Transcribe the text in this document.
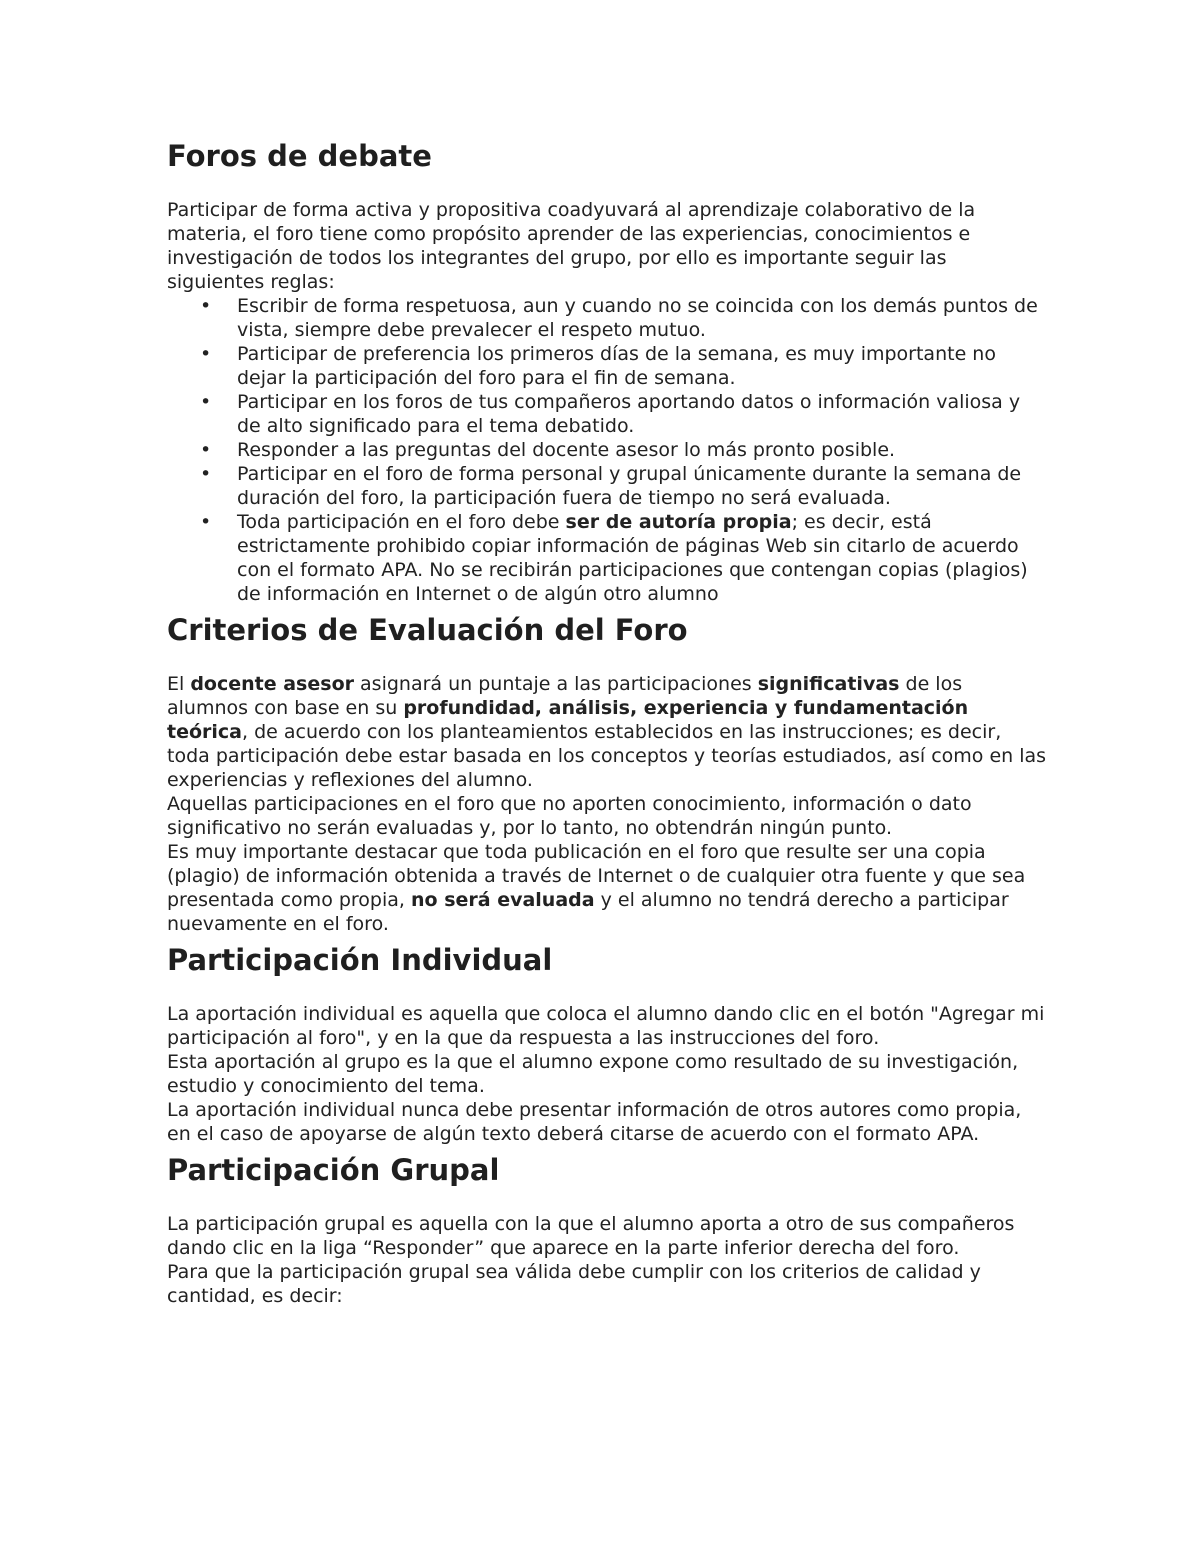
Foros de debate

Participar de forma activa y propositiva coadyuvará al aprendizaje colaborativo de la materia, el foro tiene como propósito aprender de las experiencias, conocimientos e investigación de todos los integrantes del grupo, por ello es importante seguir las siguientes reglas:

• Escribir de forma respetuosa, aun y cuando no se coincida con los demás puntos de vista, siempre debe prevalecer el respeto mutuo.
• Participar de preferencia los primeros días de la semana, es muy importante no dejar la participación del foro para el fin de semana.
• Participar en los foros de tus compañeros aportando datos o información valiosa y de alto significado para el tema debatido.
• Responder a las preguntas del docente asesor lo más pronto posible.
• Participar en el foro de forma personal y grupal únicamente durante la semana de duración del foro, la participación fuera de tiempo no será evaluada.
• Toda participación en el foro debe ser de autoría propia; es decir, está estrictamente prohibido copiar información de páginas Web sin citarlo de acuerdo con el formato APA. No se recibirán participaciones que contengan copias (plagios) de información en Internet o de algún otro alumno
Criterios de Evaluación del Foro

El docente asesor asignará un puntaje a las participaciones significativas de los alumnos con base en su profundidad, análisis, experiencia y fundamentación teórica, de acuerdo con los planteamientos establecidos en las instrucciones; es decir, toda participación debe estar basada en los conceptos y teorías estudiados, así como en las experiencias y reflexiones del alumno.

Aquellas participaciones en el foro que no aporten conocimiento, información o dato significativo no serán evaluadas y, por lo tanto, no obtendrán ningún punto.

Es muy importante destacar que toda publicación en el foro que resulte ser una copia (plagio) de información obtenida a través de Internet o de cualquier otra fuente y que sea presentada como propia, no será evaluada y el alumno no tendrá derecho a participar nuevamente en el foro.

Participación Individual

La aportación individual es aquella que coloca el alumno dando clic en el botón "Agregar mi participación al foro", y en la que da respuesta a las instrucciones del foro.

Esta aportación al grupo es la que el alumno expone como resultado de su investigación, estudio y conocimiento del tema.

La aportación individual nunca debe presentar información de otros autores como propia, en el caso de apoyarse de algún texto deberá citarse de acuerdo con el formato APA.

Participación Grupal

La participación grupal es aquella con la que el alumno aporta a otro de sus compañeros dando clic en la liga “Responder” que aparece en la parte inferior derecha del foro.

Para que la participación grupal sea válida debe cumplir con los criterios de calidad y cantidad, es decir:
